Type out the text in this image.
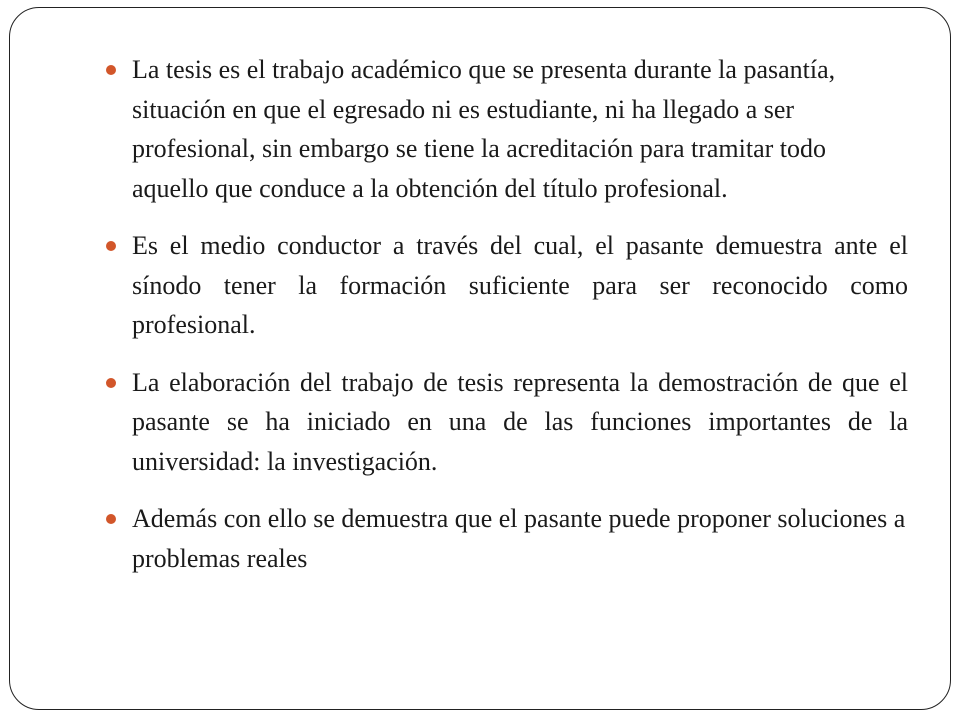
La tesis es el trabajo académico que se presenta durante la pasantía, situación en que el egresado ni es estudiante, ni ha llegado a ser profesional, sin embargo se tiene la acreditación para tramitar todo aquello que conduce a la obtención del título profesional.
Es el medio conductor a través del cual, el pasante demuestra ante el sínodo tener la formación suficiente para ser reconocido como profesional.
La elaboración del trabajo de tesis representa la demostración de que el pasante se ha iniciado en una de las funciones importantes de la universidad: la investigación.
Además con ello se demuestra que el pasante puede proponer soluciones a problemas reales
